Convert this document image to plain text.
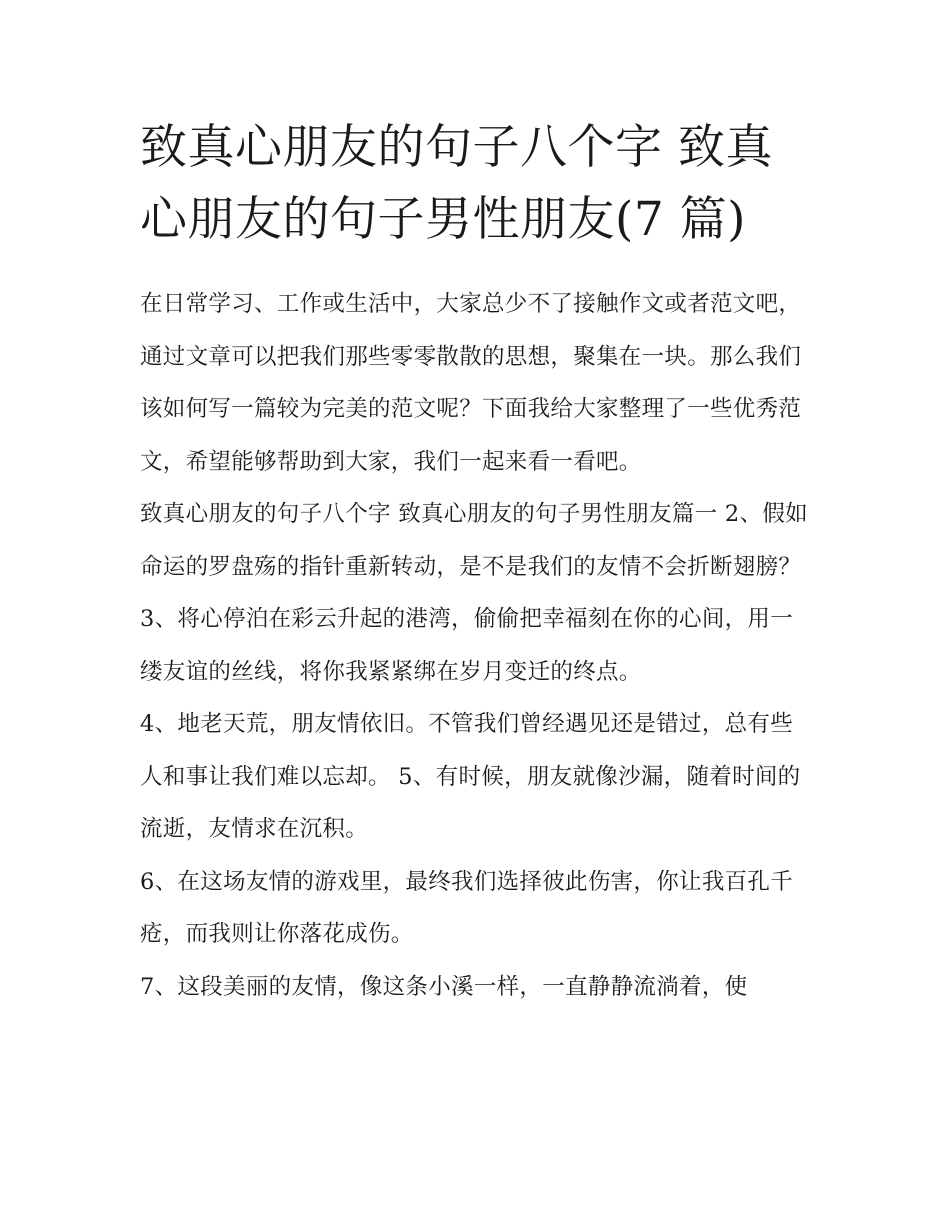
致真心朋友的句子八个字 致真心朋友的句子男性朋友(7 篇)

在日常学习、工作或生活中，大家总少不了接触作文或者范文吧，通过文章可以把我们那些零零散散的思想，聚集在一块。那么我们该如何写一篇较为完美的范文呢？下面我给大家整理了一些优秀范文，希望能够帮助到大家，我们一起来看一看吧。

致真心朋友的句子八个字 致真心朋友的句子男性朋友篇一 2、假如命运的罗盘殇的指针重新转动，是不是我们的友情不会折断翅膀？

3、将心停泊在彩云升起的港湾，偷偷把幸福刻在你的心间，用一缕友谊的丝线，将你我紧紧绑在岁月变迁的终点。

4、地老天荒，朋友情依旧。不管我们曾经遇见还是错过，总有些人和事让我们难以忘却。 5、有时候，朋友就像沙漏，随着时间的流逝，友情求在沉积。

6、在这场友情的游戏里，最终我们选择彼此伤害，你让我百孔千疮，而我则让你落花成伤。

7、这段美丽的友情，像这条小溪一样，一直静静流淌着，使
